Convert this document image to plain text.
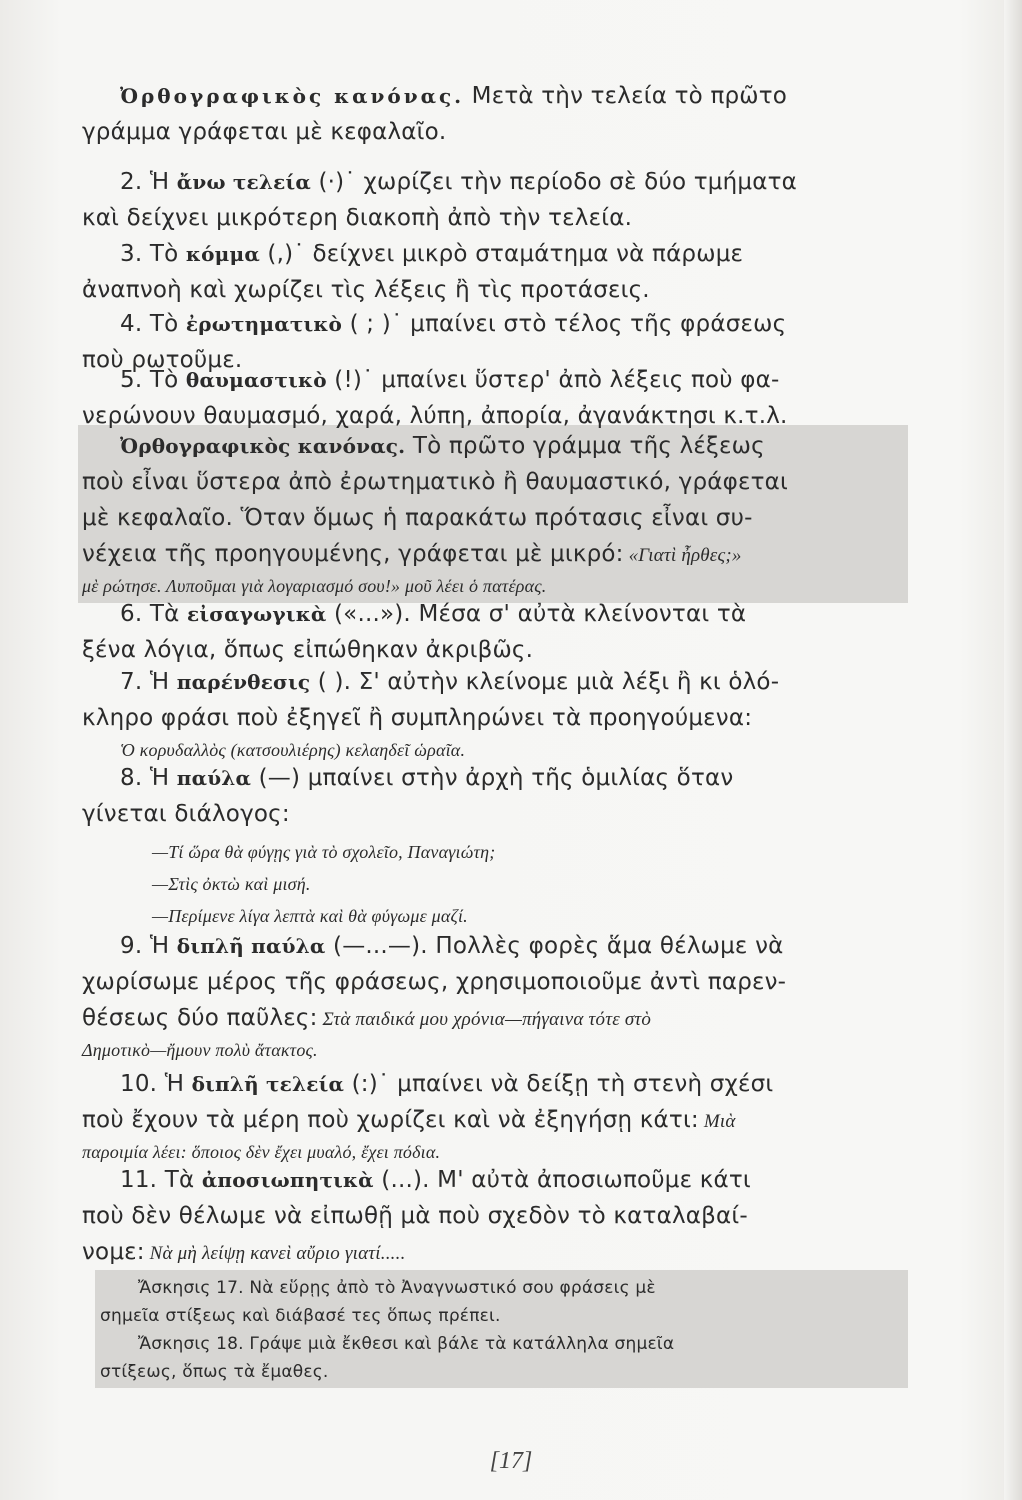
Ὀρθογραφικὸς κανόνας. Μετὰ τὴν τελεία τὸ πρῶτο
γράμμα γράφεται μὲ κεφαλαῖο.
2. Ἡ ἄνω τελεία (·)˙ χωρίζει τὴν περίοδο σὲ δύο τμήματα
καὶ δείχνει μικρότερη διακοπὴ ἀπὸ τὴν τελεία.
3. Τὸ κόμμα (,)˙ δείχνει μικρὸ σταμάτημα νὰ πάρωμε
ἀναπνοὴ καὶ χωρίζει τὶς λέξεις ἢ τὶς προτάσεις.
4. Τὸ ἐρωτηματικὸ ( ; )˙ μπαίνει στὸ τέλος τῆς φράσεως
ποὺ ρωτοῦμε.
5. Τὸ θαυμαστικὸ (!)˙ μπαίνει ὕστερ' ἀπὸ λέξεις ποὺ φα-
νερώνουν θαυμασμό, χαρά, λύπη, ἀπορία, ἀγανάκτησι κ.τ.λ.
Ὀρθογραφικὸς κανόνας. Τὸ πρῶτο γράμμα τῆς λέξεως
ποὺ εἶναι ὕστερα ἀπὸ ἐρωτηματικὸ ἢ θαυμαστικό, γράφεται
μὲ κεφαλαῖο. Ὅταν ὅμως ἡ παρακάτω πρότασις εἶναι συ-
νέχεια τῆς προηγουμένης, γράφεται μὲ μικρό: «Γιατὶ ἦρθες;»
μὲ ρώτησε. Λυποῦμαι γιὰ λογαριασμό σου!» μοῦ λέει ὁ πατέρας.
6. Τὰ εἰσαγωγικὰ («...»). Μέσα σ' αὐτὰ κλείνονται τὰ
ξένα λόγια, ὅπως εἰπώθηκαν ἀκριβῶς.
7. Ἡ παρένθεσις ( ). Σ' αὐτὴν κλείνομε μιὰ λέξι ἢ κι ὁλό-
κληρο φράσι ποὺ ἐξηγεῖ ἢ συμπληρώνει τὰ προηγούμενα:
Ὁ κορυδαλλὸς (κατσουλιέρης) κελαηδεῖ ὡραῖα.
8. Ἡ παύλα (—) μπαίνει στὴν ἀρχὴ τῆς ὁμιλίας ὅταν
γίνεται διάλογος:
—Τί ὥρα θὰ φύγῃς γιὰ τὸ σχολεῖο, Παναγιώτη;
—Στὶς ὀκτὼ καὶ μισή.
—Περίμενε λίγα λεπτὰ καὶ θὰ φύγωμε μαζί.
9. Ἡ διπλῆ παύλα (—...—). Πολλὲς φορὲς ἅμα θέλωμε νὰ
χωρίσωμε μέρος τῆς φράσεως, χρησιμοποιοῦμε ἀντὶ παρεν-
θέσεως δύο παῦλες: Στὰ παιδικά μου χρόνια—πήγαινα τότε στὸ
Δημοτικὸ—ἤμουν πολὺ ἄτακτος.
10. Ἡ διπλῆ τελεία (:)˙ μπαίνει νὰ δείξῃ τὴ στενὴ σχέσι
ποὺ ἔχουν τὰ μέρη ποὺ χωρίζει καὶ νὰ ἐξηγήσῃ κάτι: Μιὰ
παροιμία λέει: ὅποιος δὲν ἔχει μυαλό, ἔχει πόδια.
11. Τὰ ἀποσιωπητικὰ (...). Μ' αὐτὰ ἀποσιωποῦμε κάτι
ποὺ δὲν θέλωμε νὰ εἰπωθῇ μὰ ποὺ σχεδὸν τὸ καταλαβαί-
νομε: Νὰ μὴ λείψῃ κανεὶ αὔριο γιατί.....
Ἄσκησις 17. Νὰ εὕρῃς ἀπὸ τὸ Ἀναγνωστικό σου φράσεις μὲ
σημεῖα στίξεως καὶ διάβασέ τες ὅπως πρέπει.
Ἄσκησις 18. Γράψε μιὰ ἔκθεσι καὶ βάλε τὰ κατάλληλα σημεῖα
στίξεως, ὅπως τὰ ἔμαθες.
[17]
